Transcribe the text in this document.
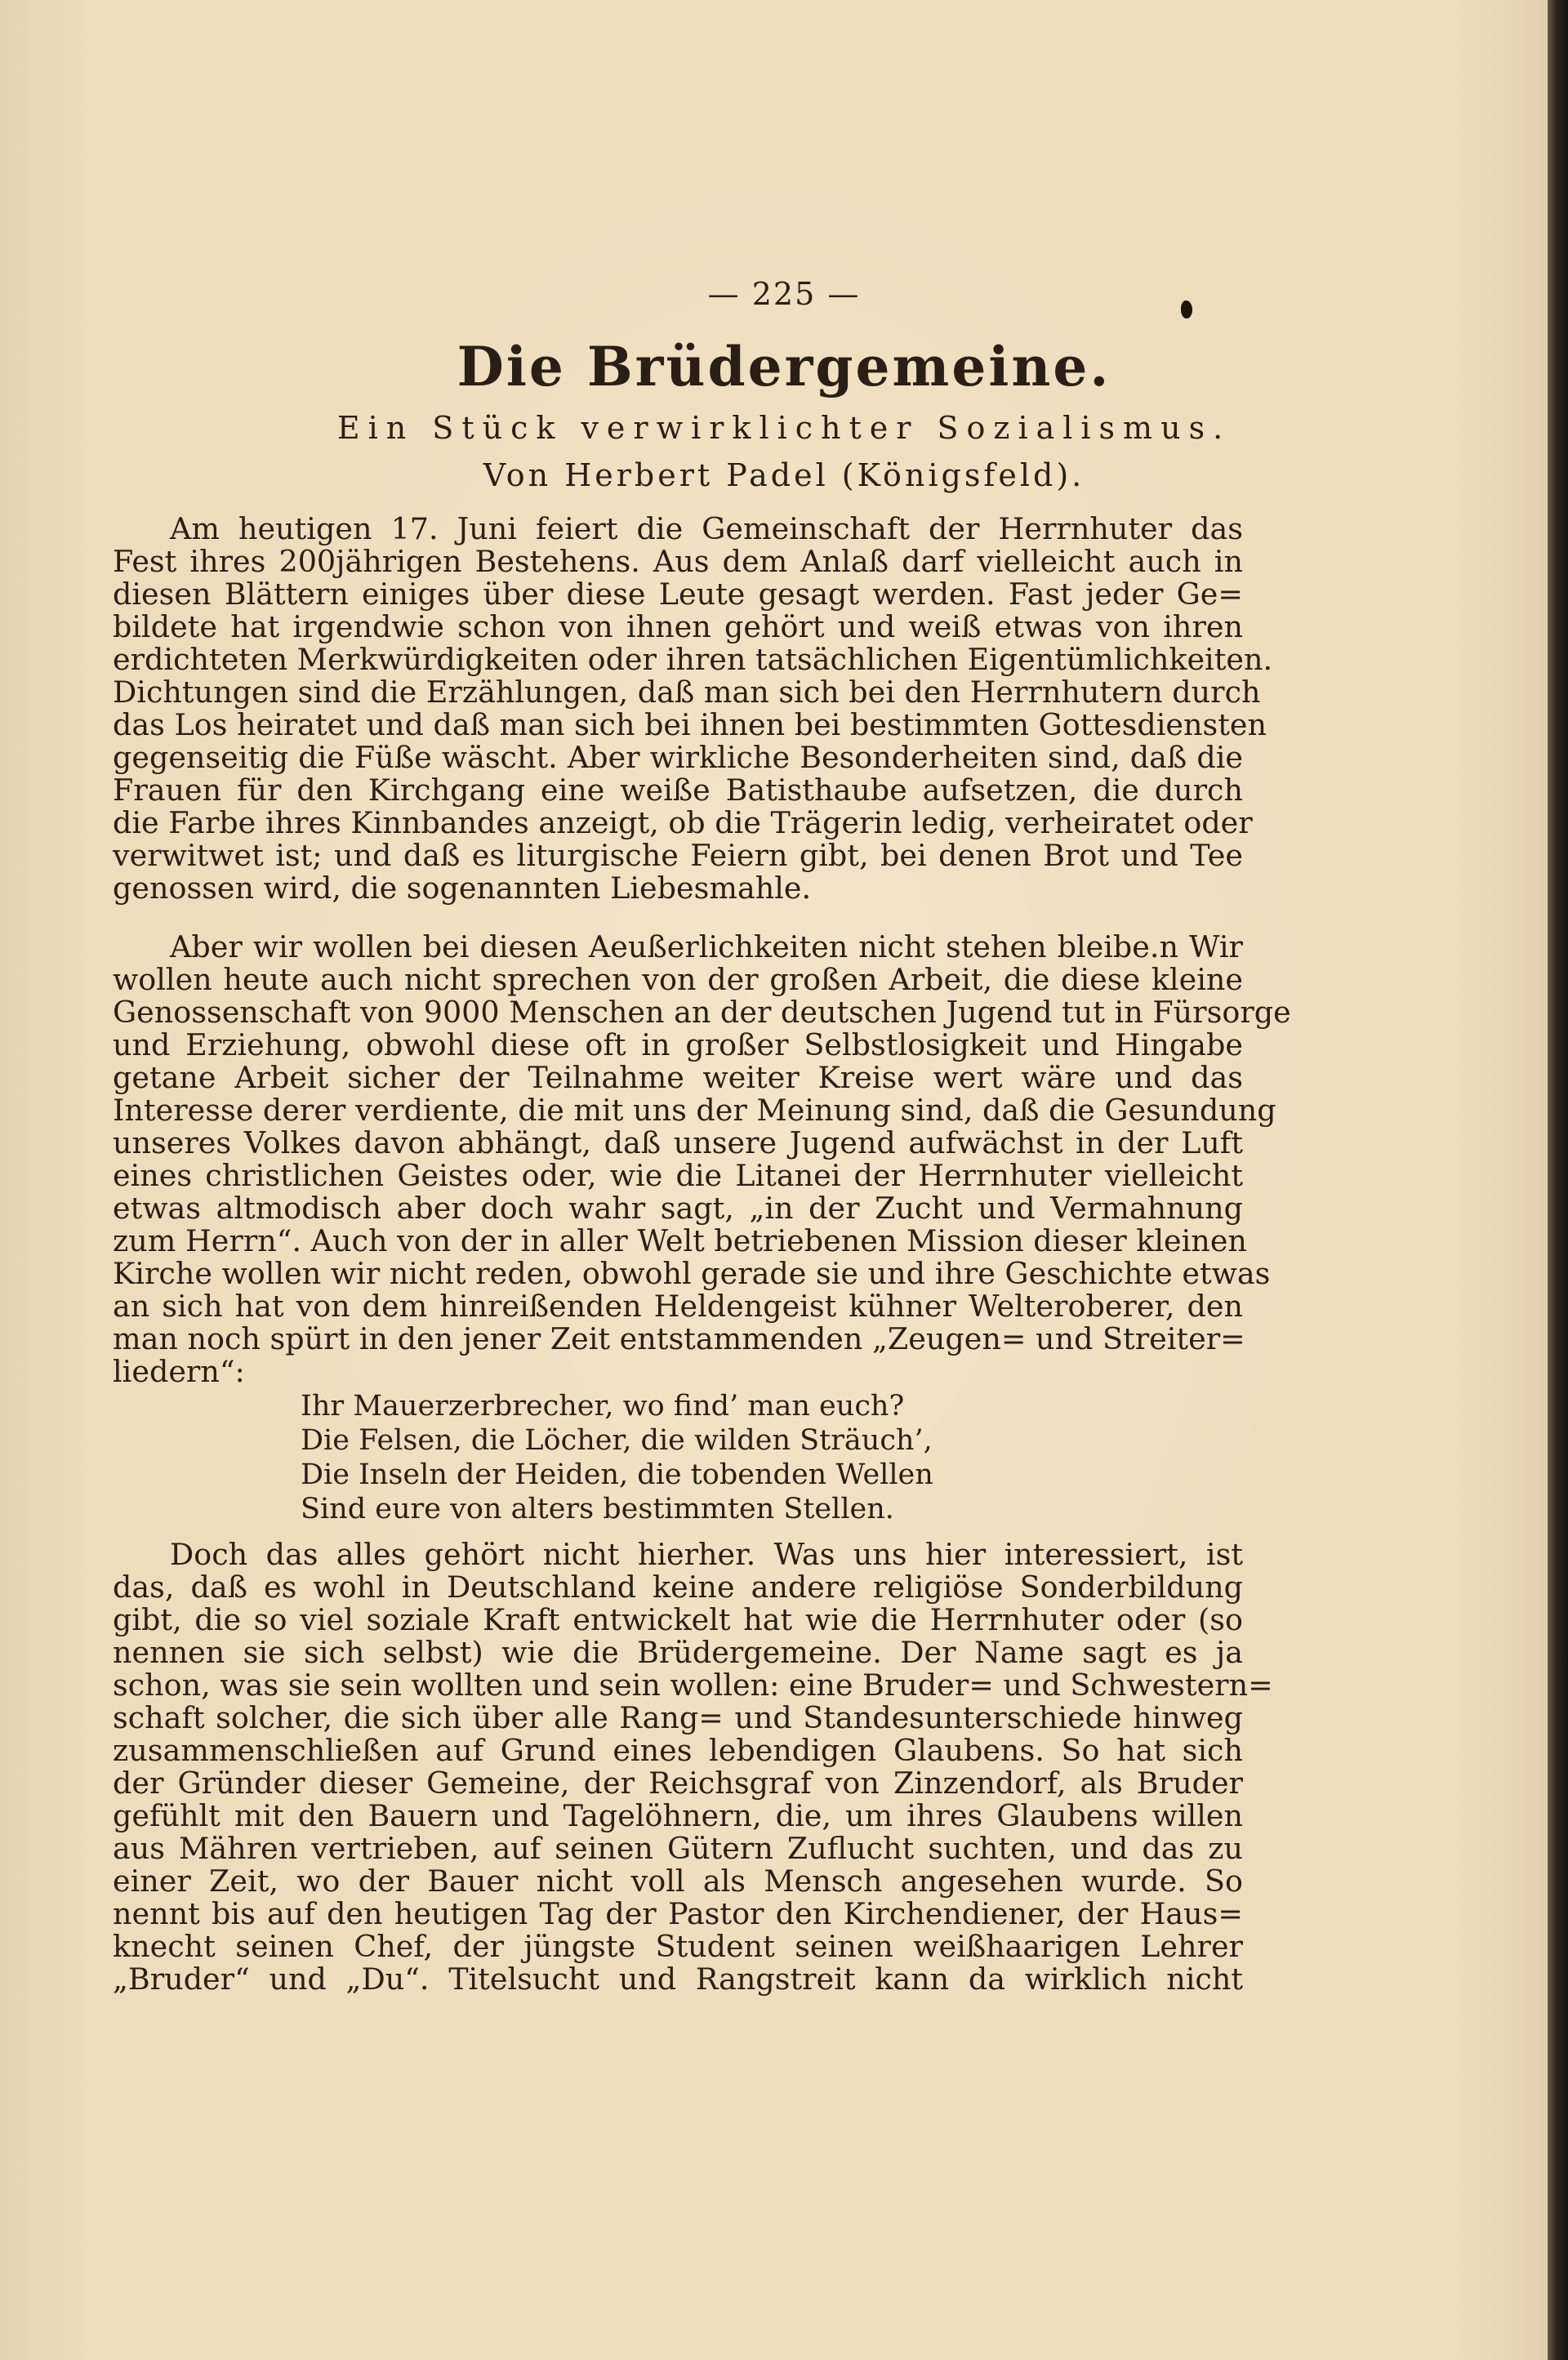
— 225 —
Die Brüdergemeine.
Ein Stück verwirklichter Sozialismus.
Von Herbert Padel (Königsfeld).
Am heutigen 17. Juni feiert die Gemeinschaft der Herrnhuter das
Fest ihres 200jährigen Bestehens. Aus dem Anlaß darf vielleicht auch in
diesen Blättern einiges über diese Leute gesagt werden. Fast jeder Ge=
bildete hat irgendwie schon von ihnen gehört und weiß etwas von ihren
erdichteten Merkwürdigkeiten oder ihren tatsächlichen Eigentümlichkeiten.
Dichtungen sind die Erzählungen, daß man sich bei den Herrnhutern durch
das Los heiratet und daß man sich bei ihnen bei bestimmten Gottesdiensten
gegenseitig die Füße wäscht. Aber wirkliche Besonderheiten sind, daß die
Frauen für den Kirchgang eine weiße Batisthaube aufsetzen, die durch
die Farbe ihres Kinnbandes anzeigt, ob die Trägerin ledig, verheiratet oder
verwitwet ist; und daß es liturgische Feiern gibt, bei denen Brot und Tee
genossen wird, die sogenannten Liebesmahle.
Aber wir wollen bei diesen Aeußerlichkeiten nicht stehen bleibe.n Wir
wollen heute auch nicht sprechen von der großen Arbeit, die diese kleine
Genossenschaft von 9000 Menschen an der deutschen Jugend tut in Fürsorge
und Erziehung, obwohl diese oft in großer Selbstlosigkeit und Hingabe
getane Arbeit sicher der Teilnahme weiter Kreise wert wäre und das
Interesse derer verdiente, die mit uns der Meinung sind, daß die Gesundung
unseres Volkes davon abhängt, daß unsere Jugend aufwächst in der Luft
eines christlichen Geistes oder, wie die Litanei der Herrnhuter vielleicht
etwas altmodisch aber doch wahr sagt, „in der Zucht und Vermahnung
zum Herrn“. Auch von der in aller Welt betriebenen Mission dieser kleinen
Kirche wollen wir nicht reden, obwohl gerade sie und ihre Geschichte etwas
an sich hat von dem hinreißenden Heldengeist kühner Welteroberer, den
man noch spürt in den jener Zeit entstammenden „Zeugen= und Streiter=
liedern“:
Ihr Mauerzerbrecher, wo find’ man euch?
Die Felsen, die Löcher, die wilden Sträuch’,
Die Inseln der Heiden, die tobenden Wellen
Sind eure von alters bestimmten Stellen.
Doch das alles gehört nicht hierher. Was uns hier interessiert, ist
das, daß es wohl in Deutschland keine andere religiöse Sonderbildung
gibt, die so viel soziale Kraft entwickelt hat wie die Herrnhuter oder (so
nennen sie sich selbst) wie die Brüdergemeine. Der Name sagt es ja
schon, was sie sein wollten und sein wollen: eine Bruder= und Schwestern=
schaft solcher, die sich über alle Rang= und Standesunterschiede hinweg
zusammenschließen auf Grund eines lebendigen Glaubens. So hat sich
der Gründer dieser Gemeine, der Reichsgraf von Zinzendorf, als Bruder
gefühlt mit den Bauern und Tagelöhnern, die, um ihres Glaubens willen
aus Mähren vertrieben, auf seinen Gütern Zuflucht suchten, und das zu
einer Zeit, wo der Bauer nicht voll als Mensch angesehen wurde. So
nennt bis auf den heutigen Tag der Pastor den Kirchendiener, der Haus=
knecht seinen Chef, der jüngste Student seinen weißhaarigen Lehrer
„Bruder“ und „Du“. Titelsucht und Rangstreit kann da wirklich nicht
